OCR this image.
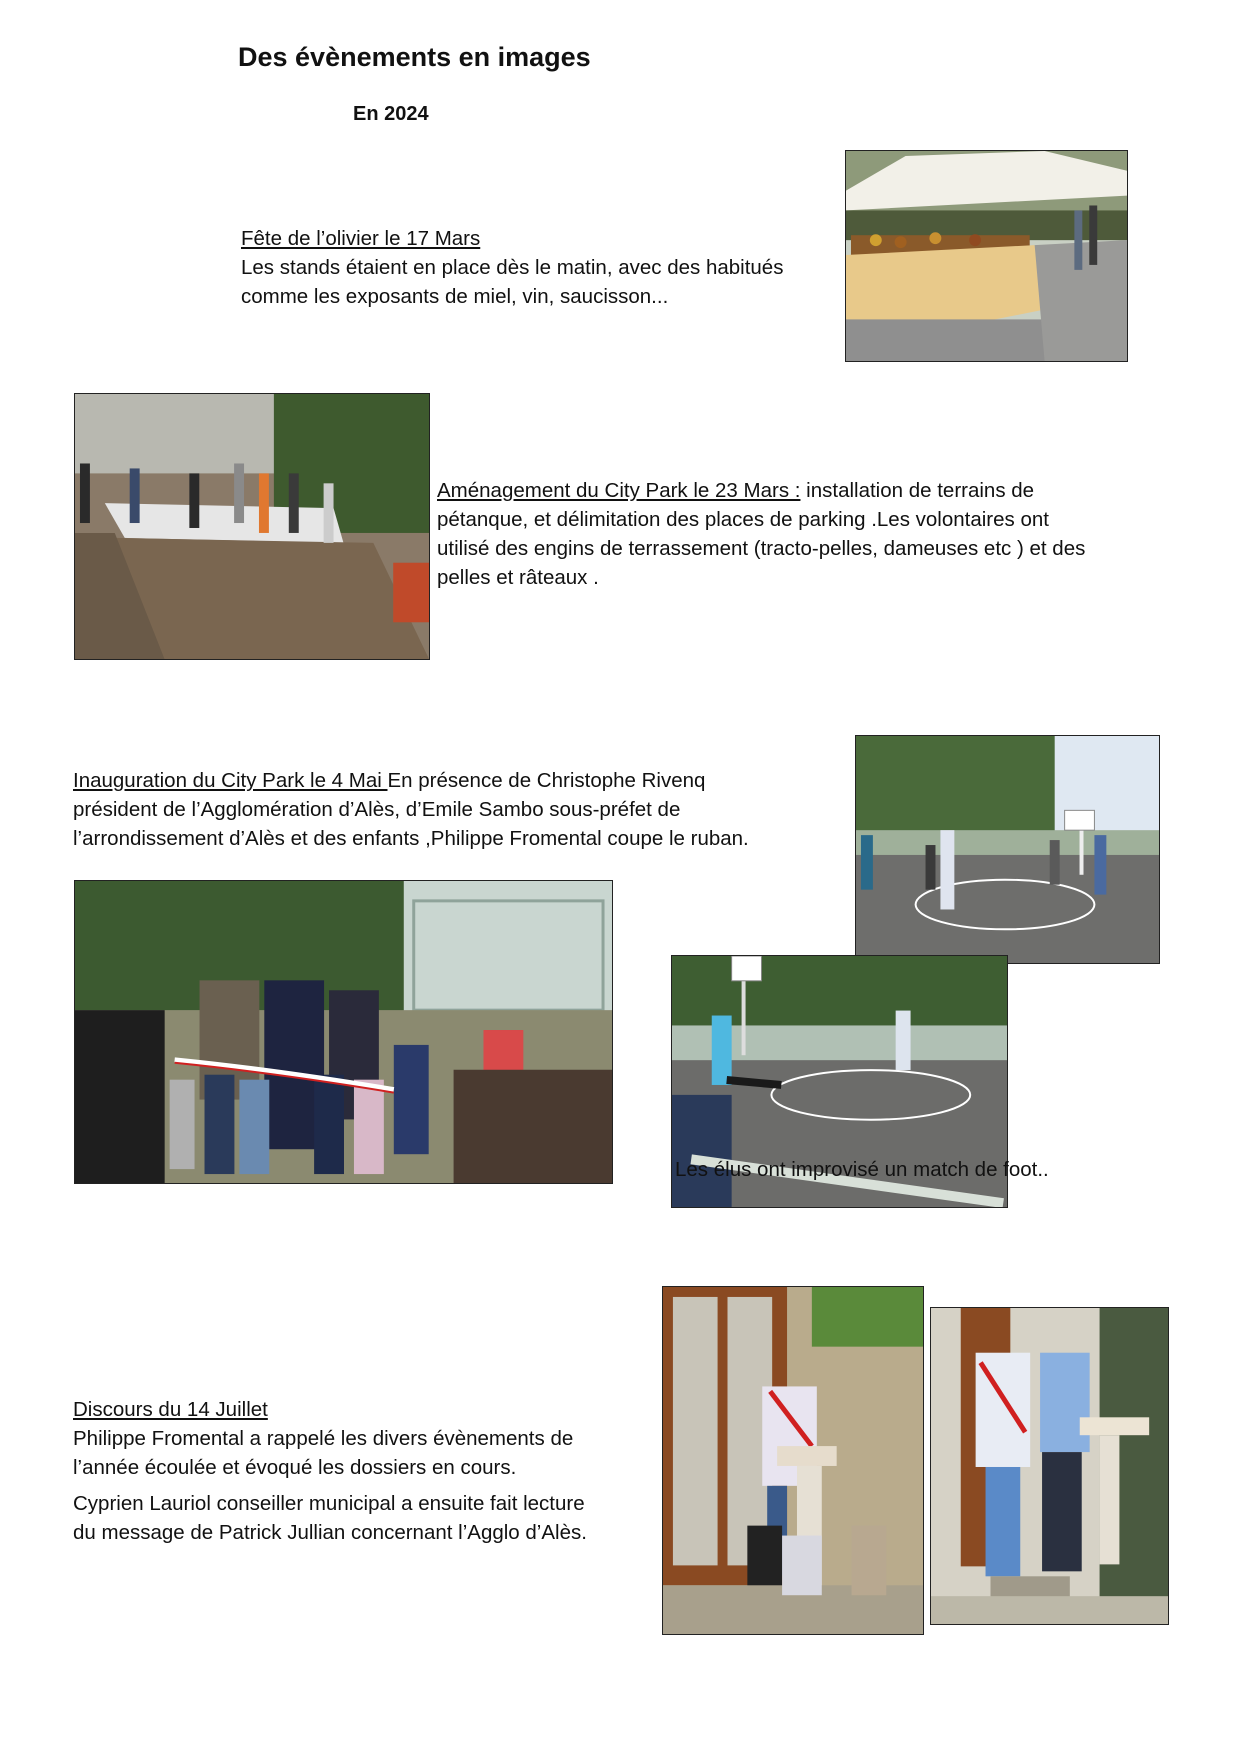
Des évènements en images
En 2024

Fête de l’olivier le 17 Mars

Les stands étaient en place dès le matin, avec des habitués

comme les exposants de miel, vin, saucisson...

Aménagement du City Park le 23 Mars : installation de terrains de

pétanque, et délimitation des places de parking .Les volontaires ont

utilisé des engins de terrassement (tracto-pelles, dameuses etc ) et des

pelles et râteaux .

Inauguration du City Park le 4 Mai En présence de Christophe Rivenq

président de l’Agglomération d’Alès, d’Emile Sambo sous-préfet de

l’arrondissement d’Alès et des enfants ,Philippe Fromental coupe le ruban.

Les élus ont improvisé un match de foot..

Discours du 14 Juillet

Philippe Fromental a rappelé les divers évènements de

l’année écoulée et évoqué les dossiers en cours.

Cyprien Lauriol conseiller municipal a ensuite fait lecture

du message de Patrick Jullian concernant l’Agglo d’Alès.
